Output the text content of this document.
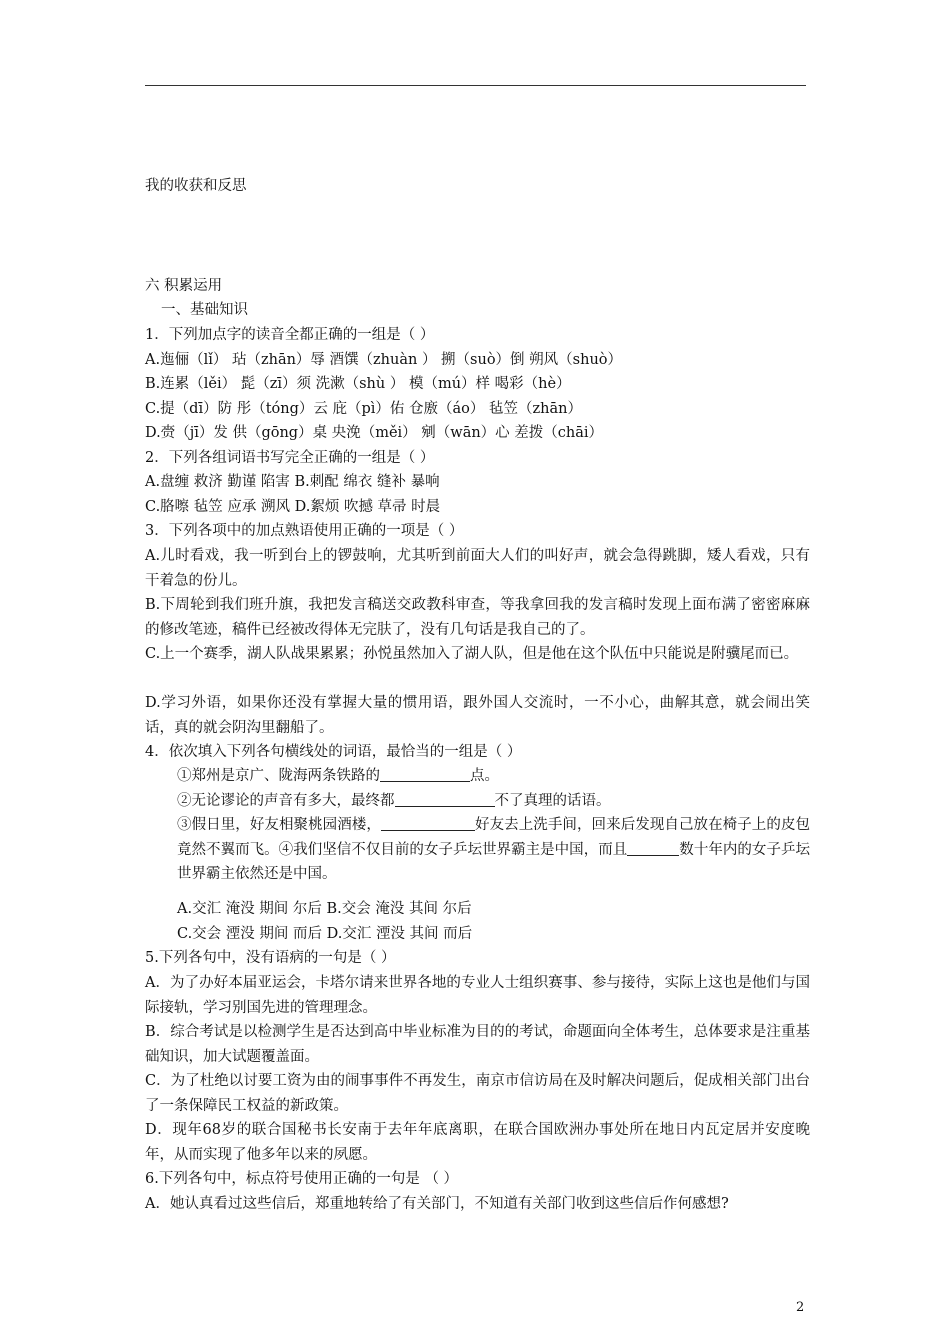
我的收获和反思
六 积累运用
一、基础知识
1．下列加点字的读音全都正确的一组是（ ）
A.迤俪（lǐ） 玷（zhān）辱 酒馔（zhuàn ） 搠（suò）倒 朔风（shuò）
B.连累（lěi） 髭（zī）须 洗漱（shù ） 模（mú）样 喝彩（hè）
C.提（dī）防 彤（tóng）云 庇（pì）佑 仓廒（áo） 毡笠（zhān）
D.赍（jī）发 供（gōng）桌 央浼（měi） 剜（wān）心 差拨（chāi）
2．下列各组词语书写完全正确的一组是（ ）
A.盘缠 救济 勤谨 陷害 B.刺配 绵衣 缝补 暴响
C.胳嚓 毡笠 应承 溯风 D.絮烦 吹撼 草帚 时晨
3．下列各项中的加点熟语使用正确的一项是（ ）
A.儿时看戏，我一听到台上的锣鼓响，尤其听到前面大人们的叫好声，就会急得跳脚，矮人看戏，只有干着急的份儿。
B.下周轮到我们班升旗，我把发言稿送交政教科审查，等我拿回我的发言稿时发现上面布满了密密麻麻的修改笔迹，稿件已经被改得体无完肤了，没有几句话是我自己的了。
C.上一个赛季，湖人队战果累累；孙悦虽然加入了湖人队，但是他在这个队伍中只能说是附骥尾而已。
D.学习外语，如果你还没有掌握大量的惯用语，跟外国人交流时，一不小心，曲解其意，就会闹出笑话，真的就会阴沟里翻船了。
4．依次填入下列各句横线处的词语，最恰当的一组是（ ）
①郑州是京广、陇海两条铁路的	点。
②无论谬论的声音有多大，最终都	不了真理的话语。
③假日里，好友相聚桃园酒楼，	好友去上洗手间，回来后发现自己放在椅子上的皮包竟然不翼而飞。④我们坚信不仅目前的女子乒坛世界霸主是中国，而且	数十年内的女子乒坛世界霸主依然还是中国。
A.交汇 淹没 期间 尔后 B.交会 淹没 其间 尔后
C.交会 湮没 期间 而后 D.交汇 湮没 其间 而后
5.下列各句中，没有语病的一句是（ ）
A．为了办好本届亚运会，卡塔尔请来世界各地的专业人士组织赛事、参与接待，实际上这也是他们与国际接轨，学习别国先进的管理理念。
B．综合考试是以检测学生是否达到高中毕业标准为目的的考试，命题面向全体考生，总体要求是注重基础知识，加大试题覆盖面。
C．为了杜绝以讨要工资为由的闹事事件不再发生，南京市信访局在及时解决问题后，促成相关部门出台了一条保障民工权益的新政策。
D．现年68岁的联合国秘书长安南于去年年底离职，在联合国欧洲办事处所在地日内瓦定居并安度晚年，从而实现了他多年以来的夙愿。
6.下列各句中，标点符号使用正确的一句是 （ ）
A．她认真看过这些信后，郑重地转给了有关部门，不知道有关部门收到这些信后作何感想?
2
